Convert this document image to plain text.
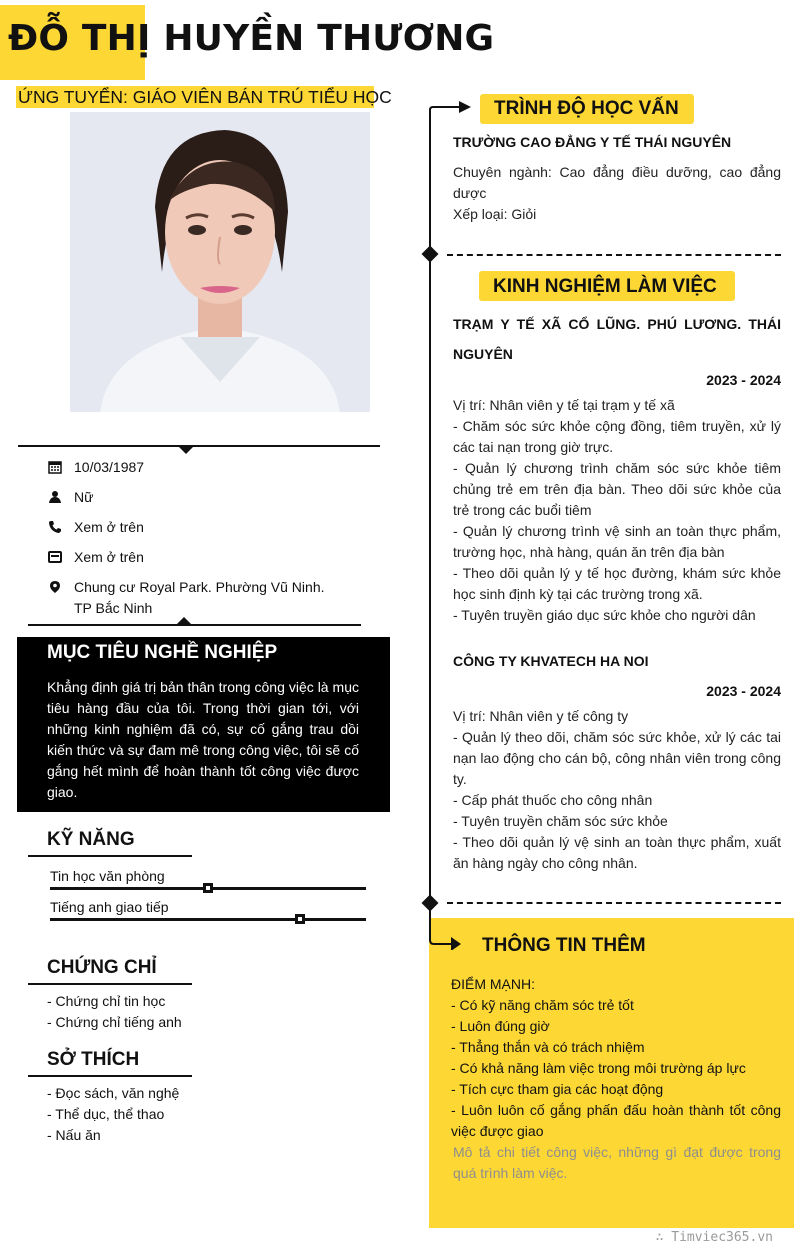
ĐỖ THỊ HUYỀN THƯƠNG
ỨNG TUYỂN: GIÁO VIÊN BÁN TRÚ TIỂU HỌC
10/03/1987
Nữ
Xem ở trên
Xem ở trên
Chung cư Royal Park. Phường Vũ Ninh.
TP Bắc Ninh
MỤC TIÊU NGHỀ NGHIỆP
Khẳng định giá trị bản thân trong công việc là mục tiêu hàng đầu của tôi. Trong thời gian tới, với những kinh nghiệm đã có, sự cố gắng trau dồi kiến thức và sự đam mê trong công việc, tôi sẽ cố gắng hết mình để hoàn thành tốt công việc được giao.
KỸ NĂNG
Tin học văn phòng
Tiếng anh giao tiếp
CHỨNG CHỈ
- Chứng chỉ tin học
- Chứng chỉ tiếng anh
SỞ THÍCH
- Đọc sách, văn nghệ
- Thể dục, thể thao
- Nấu ăn
TRÌNH ĐỘ HỌC VẤN
TRƯỜNG CAO ĐẲNG Y TẾ THÁI NGUYÊN
Chuyên ngành: Cao đẳng điều dưỡng, cao đẳng dược
Xếp loại: Giỏi
KINH NGHIỆM LÀM VIỆC
TRẠM Y TẾ XÃ CỔ LŨNG. PHÚ LƯƠNG. THÁI NGUYÊN
2023 - 2024
Vị trí: Nhân viên y tế tại trạm y tế xã
- Chăm sóc sức khỏe cộng đồng, tiêm truyền, xử lý các tai nạn trong giờ trực.
- Quản lý chương trình chăm sóc sức khỏe tiêm chủng trẻ em trên địa bàn. Theo dõi sức khỏe của trẻ trong các buổi tiêm
- Quản lý chương trình vệ sinh an toàn thực phẩm, trường học, nhà hàng, quán ăn trên địa bàn
- Theo dõi quản lý y tế học đường, khám sức khỏe học sinh định kỳ tại các trường trong xã.
- Tuyên truyền giáo dục sức khỏe cho người dân
CÔNG TY KHVATECH HA NOI
2023 - 2024
Vị trí: Nhân viên y tế công ty
- Quản lý theo dõi, chăm sóc sức khỏe, xử lý các tai nạn lao động cho cán bộ, công nhân viên trong công ty.
- Cấp phát thuốc cho công nhân
- Tuyên truyền chăm sóc sức khỏe
- Theo dõi quản lý vệ sinh an toàn thực phẩm, xuất ăn hàng ngày cho công nhân.
THÔNG TIN THÊM
ĐIỂM MẠNH:
- Có kỹ năng chăm sóc trẻ tốt
- Luôn đúng giờ
- Thẳng thắn và có trách nhiệm
- Có khả năng làm việc trong môi trường áp lực
- Tích cực tham gia các hoạt động
- Luôn luôn cố gắng phấn đấu hoàn thành tốt công việc được giao
Mô tả chi tiết công việc, những gì đạt được trong quá trình làm việc.
∴ Timviec365.vn
